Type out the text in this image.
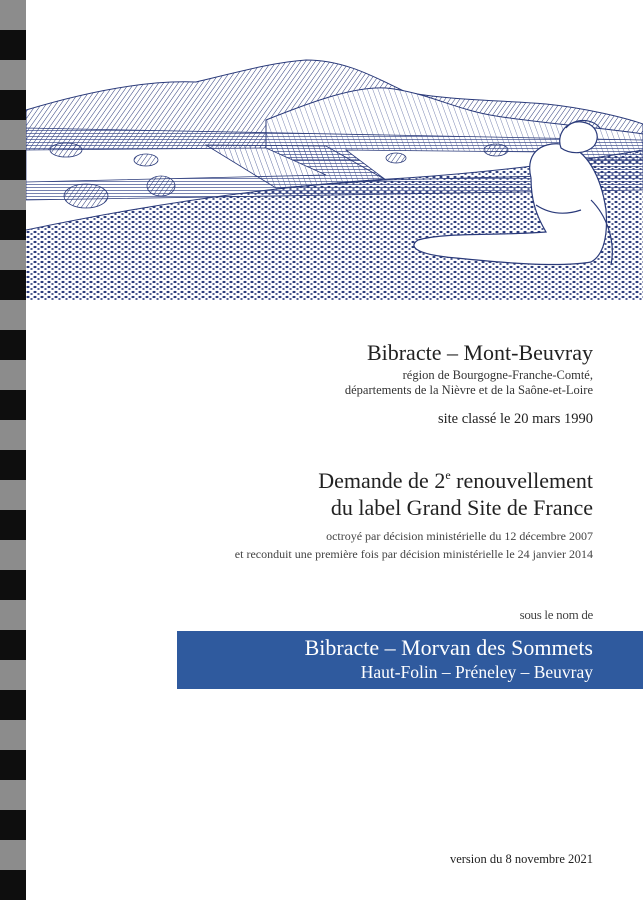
Bibracte – Mont-Beuvray
région de Bourgogne-Franche-Comté,
départements de la Nièvre et de la Saône-et-Loire
site classé le 20 mars 1990
Demande de 2e renouvellement
du label Grand Site de France
octroyé par décision ministérielle du 12 décembre 2007
et reconduit une première fois par décision ministérielle le 24 janvier 2014
sous le nom de
Bibracte – Morvan des Sommets
Haut-Folin – Préneley – Beuvray
version du 8 novembre 2021
